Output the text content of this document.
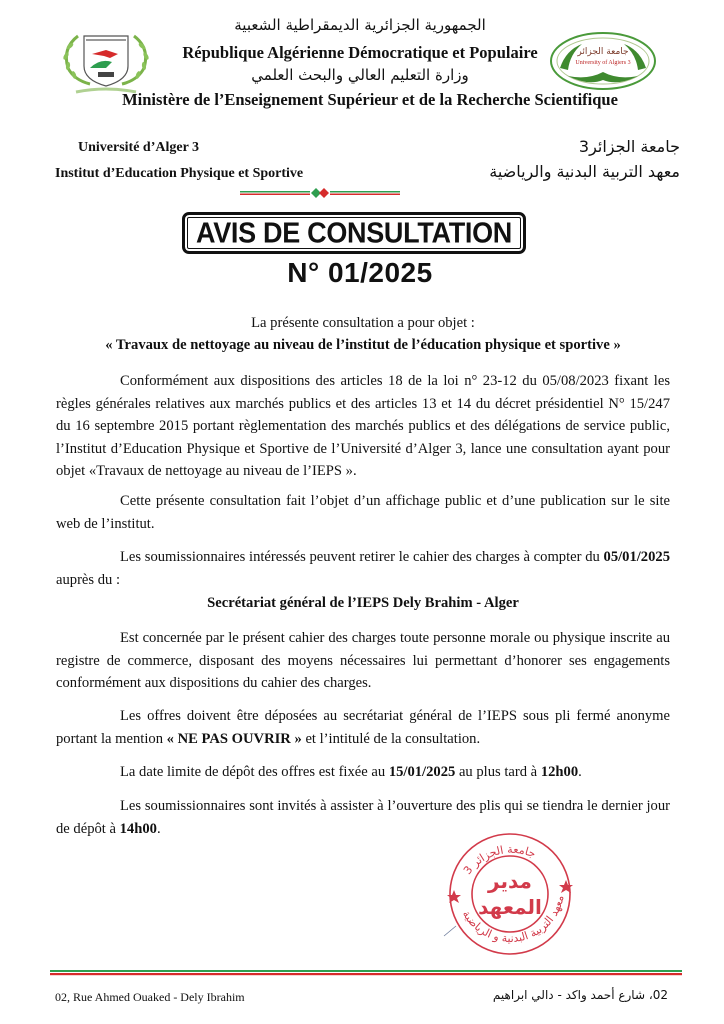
الجمهورية الجزائرية الديمقراطية الشعبية
République Algérienne Démocratique et Populaire
وزارة التعليم العالي والبحث العلمي
Ministère de l’Enseignement Supérieur et de la Recherche Scientifique
جامعة الجزائر
University of Algiers 3
Université d’Alger 3
Institut d’Education Physique et Sportive
جامعة الجزائر3
معهد التربية البدنية والرياضية
AVIS DE CONSULTATION
N° 01/2025
La présente consultation a pour objet :
« Travaux de nettoyage au niveau de l’institut de l’éducation physique et sportive »
Conformément aux dispositions des articles 18 de la loi n° 23-12 du 05/08/2023 fixant les règles générales relatives aux marchés publics et des articles 13 et 14 du décret présidentiel N° 15/247 du 16 septembre 2015 portant règlementation des marchés publics et des délégations de service public, l’Institut d’Education Physique et Sportive de l’Université d’Alger 3, lance une consultation ayant pour objet «Travaux de nettoyage au niveau de l’IEPS ».
Cette présente consultation fait l’objet d’un affichage public et d’une publication sur le site web de l’institut.
Les soumissionnaires intéressés peuvent retirer le cahier des charges à compter du 05/01/2025 auprès du :
Secrétariat général de l’IEPS Dely Brahim - Alger
Est concernée par le présent cahier des charges toute personne morale ou physique inscrite au registre de commerce, disposant des moyens nécessaires lui permettant d’honorer ses engagements conformément aux dispositions du cahier des charges.
Les offres doivent être déposées au secrétariat général de l’IEPS sous pli fermé anonyme portant la mention « NE PAS OUVRIR » et l’intitulé de la consultation.
La date limite de dépôt des offres est fixée au 15/01/2025 au plus tard à 12h00.
Les soumissionnaires sont invités à assister à l’ouverture des plis qui se tiendra le dernier jour de dépôt à 14h00.
جامعة الجزائر 3
معهد التربية البدنية و الرياضية
مدير
المعهد
02, Rue Ahmed Ouaked - Dely Ibrahim	02، شارع أحمد واكد - دالي ابراهيم
